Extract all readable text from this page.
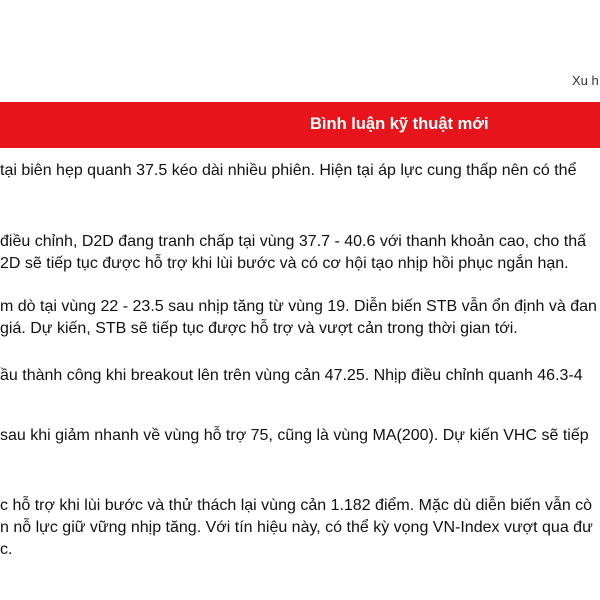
Xu h
Bình luận kỹ thuật mới
tại biên hẹp quanh 37.5 kéo dài nhiều phiên. Hiện tại áp lực cung thấp nên có thể
điều chỉnh, D2D đang tranh chấp tại vùng 37.7 - 40.6 với thanh khoản cao, cho thấ
2D sẽ tiếp tục được hỗ trợ khi lùi bước và có cơ hội tạo nhịp hồi phục ngắn hạn.
m dò tại vùng 22 - 23.5 sau nhịp tăng từ vùng 19. Diễn biến STB vẫn ổn định và đan
giá. Dự kiến, STB sẽ tiếp tục được hỗ trợ và vượt cản trong thời gian tới.
ầu thành công khi breakout lên trên vùng cản 47.25. Nhịp điều chỉnh quanh 46.3-4
sau khi giảm nhanh về vùng hỗ trợ 75, cũng là vùng MA(200). Dự kiến VHC sẽ tiếp
c hỗ trợ khi lùi bước và thử thách lại vùng cản 1.182 điểm. Mặc dù diễn biến vẫn cò
n nỗ lực giữ vững nhịp tăng. Với tín hiệu này, có thể kỳ vọng VN-Index vượt qua đư
c.
